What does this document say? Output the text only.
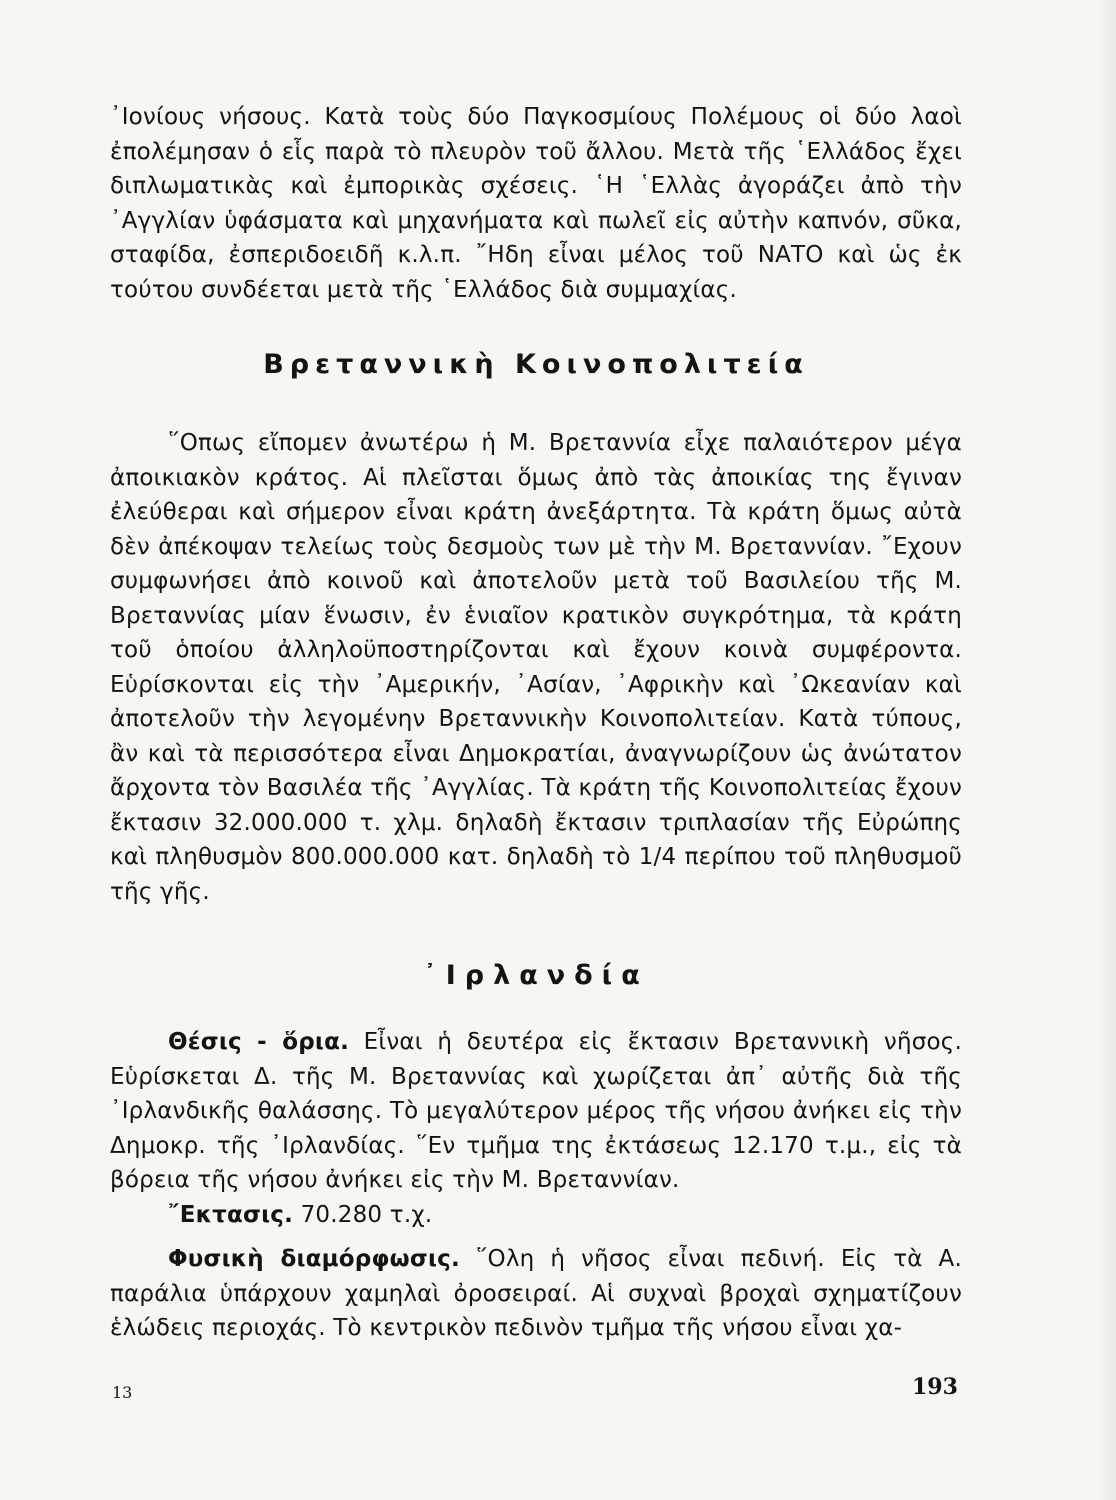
᾿Ιονίους νήσους. Κατὰ τοὺς δύο Παγκοσμίους Πολέμους οἱ δύο λαοὶ ἐπολέμησαν ὁ εἷς παρὰ τὸ πλευρὸν τοῦ ἄλλου. Μετὰ τῆς ῾Ελλάδος ἔχει διπλωματικὰς καὶ ἐμπορικὰς σχέσεις. ῾Η ῾Ελλὰς ἀγοράζει ἀπὸ τὴν ᾿Αγγλίαν ὑφάσματα καὶ μηχανήματα καὶ πωλεῖ εἰς αὐτὴν καπνόν, σῦκα, σταφίδα, ἐσπεριδοειδῆ κ.λ.π. ῎Ηδη εἶναι μέλος τοῦ ΝΑΤΟ καὶ ὡς ἐκ τούτου συνδέεται μετὰ τῆς ῾Ελλάδος διὰ συμμαχίας.

Βρεταννικὴ Κοινοπολιτεία

῞Οπως εἴπομεν ἀνωτέρω ἡ Μ. Βρεταννία εἶχε παλαιότερον μέγα ἀποικιακὸν κράτος. Αἱ πλεῖσται ὅμως ἀπὸ τὰς ἀποικίας της ἔγιναν ἐλεύθεραι καὶ σήμερον εἶναι κράτη ἀνεξάρτητα. Τὰ κράτη ὅμως αὐτὰ δὲν ἀπέκοψαν τελείως τοὺς δεσμοὺς των μὲ τὴν Μ. Βρεταννίαν. ῎Εχουν συμφωνήσει ἀπὸ κοινοῦ καὶ ἀποτελοῦν μετὰ τοῦ Βασιλείου τῆς Μ. Βρεταννίας μίαν ἕνωσιν, ἐν ἑνιαῖον κρατικὸν συγκρότημα, τὰ κράτη τοῦ ὁποίου ἀλληλοϋποστηρίζονται καὶ ἔχουν κοινὰ συμφέροντα. Εὑρίσκονται εἰς τὴν ᾿Αμερικήν, ᾿Ασίαν, ᾿Αφρικὴν καὶ ᾿Ωκεανίαν καὶ ἀποτελοῦν τὴν λεγομένην Βρεταννικὴν Κοινοπολιτείαν. Κατὰ τύπους, ἂν καὶ τὰ περισσότερα εἶναι Δημοκρατίαι, ἀναγνωρίζουν ὡς ἀνώτατον ἄρχοντα τὸν Βασιλέα τῆς ᾿Αγγλίας. Τὰ κράτη τῆς Κοινοπολιτείας ἔχουν ἔκτασιν 32.000.000 τ. χλμ. δηλαδὴ ἔκτασιν τριπλασίαν τῆς Εὐρώπης καὶ πληθυσμὸν 800.000.000 κατ. δηλαδὴ τὸ 1/4 περίπου τοῦ πληθυσμοῦ τῆς γῆς.

᾿Ιρλανδία

Θέσις - ὅρια. Εἶναι ἡ δευτέρα εἰς ἔκτασιν Βρεταννικὴ νῆσος. Εὑρίσκεται Δ. τῆς Μ. Βρεταννίας καὶ χωρίζεται ἀπ᾿ αὐτῆς διὰ τῆς ᾿Ιρλανδικῆς θαλάσσης. Τὸ μεγαλύτερον μέρος τῆς νήσου ἀνήκει εἰς τὴν Δημοκρ. τῆς ᾿Ιρλανδίας. ῞Εν τμῆμα της ἐκτάσεως 12.170 τ.μ., εἰς τὰ βόρεια τῆς νήσου ἀνήκει εἰς τὴν Μ. Βρεταννίαν.

῎Εκτασις. 70.280 τ.χ.

Φυσικὴ διαμόρφωσις. ῞Ολη ἡ νῆσος εἶναι πεδινή. Εἰς τὰ Α. παράλια ὑπάρχουν χαμηλαὶ ὀροσειραί. Αἱ συχναὶ βροχαὶ σχηματίζουν ἑλώδεις περιοχάς. Τὸ κεντρικὸν πεδινὸν τμῆμα τῆς νήσου εἶναι χα-

13	193
